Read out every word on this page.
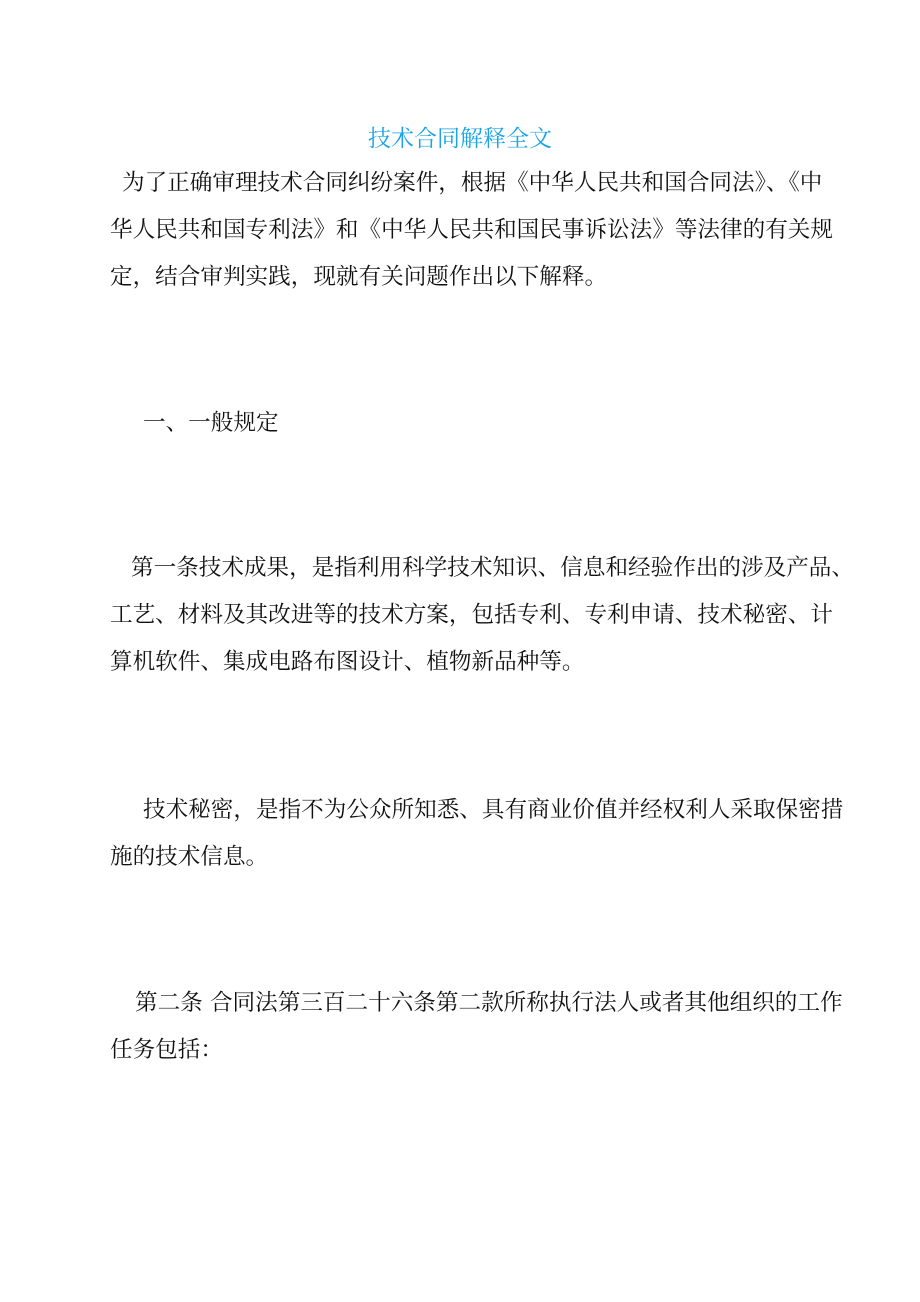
技术合同解释全文
为了正确审理技术合同纠纷案件，根据《中华人民共和国合同法》、《中
华人民共和国专利法》和《中华人民共和国民事诉讼法》等法律的有关规
定，结合审判实践，现就有关问题作出以下解释。
一、一般规定
第一条技术成果，是指利用科学技术知识、信息和经验作出的涉及产品、
工艺、材料及其改进等的技术方案，包括专利、专利申请、技术秘密、计
算机软件、集成电路布图设计、植物新品种等。
技术秘密，是指不为公众所知悉、具有商业价值并经权利人采取保密措
施的技术信息。
第二条 合同法第三百二十六条第二款所称执行法人或者其他组织的工作
任务包括：
